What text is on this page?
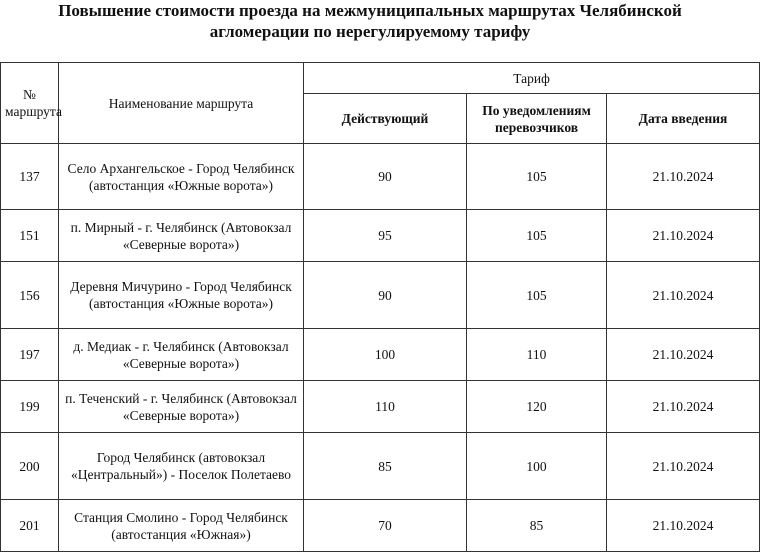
Повышение стоимости проезда на межмуниципальных маршрутах Челябинской
агломерации по нерегулируемому тарифу
№ маршрута	Наименование маршрута	Тариф		
		Действующий	По уведомлениям перевозчиков	Дата введения
137	Село Архангельское - Город Челябинск (автостанция «Южные ворота»)	90	105	21.10.2024
151	п. Мирный - г. Челябинск (Автовокзал «Северные ворота»)	95	105	21.10.2024
156	Деревня Мичурино - Город Челябинск (автостанция «Южные ворота»)	90	105	21.10.2024
197	д. Медиак - г. Челябинск (Автовокзал «Северные ворота»)	100	110	21.10.2024
199	п. Теченский - г. Челябинск (Автовокзал «Северные ворота»)	110	120	21.10.2024
200	Город Челябинск (автовокзал «Центральный») - Поселок Полетаево	85	100	21.10.2024
201	Станция Смолино - Город Челябинск (автостанция «Южная»)	70	85	21.10.2024
